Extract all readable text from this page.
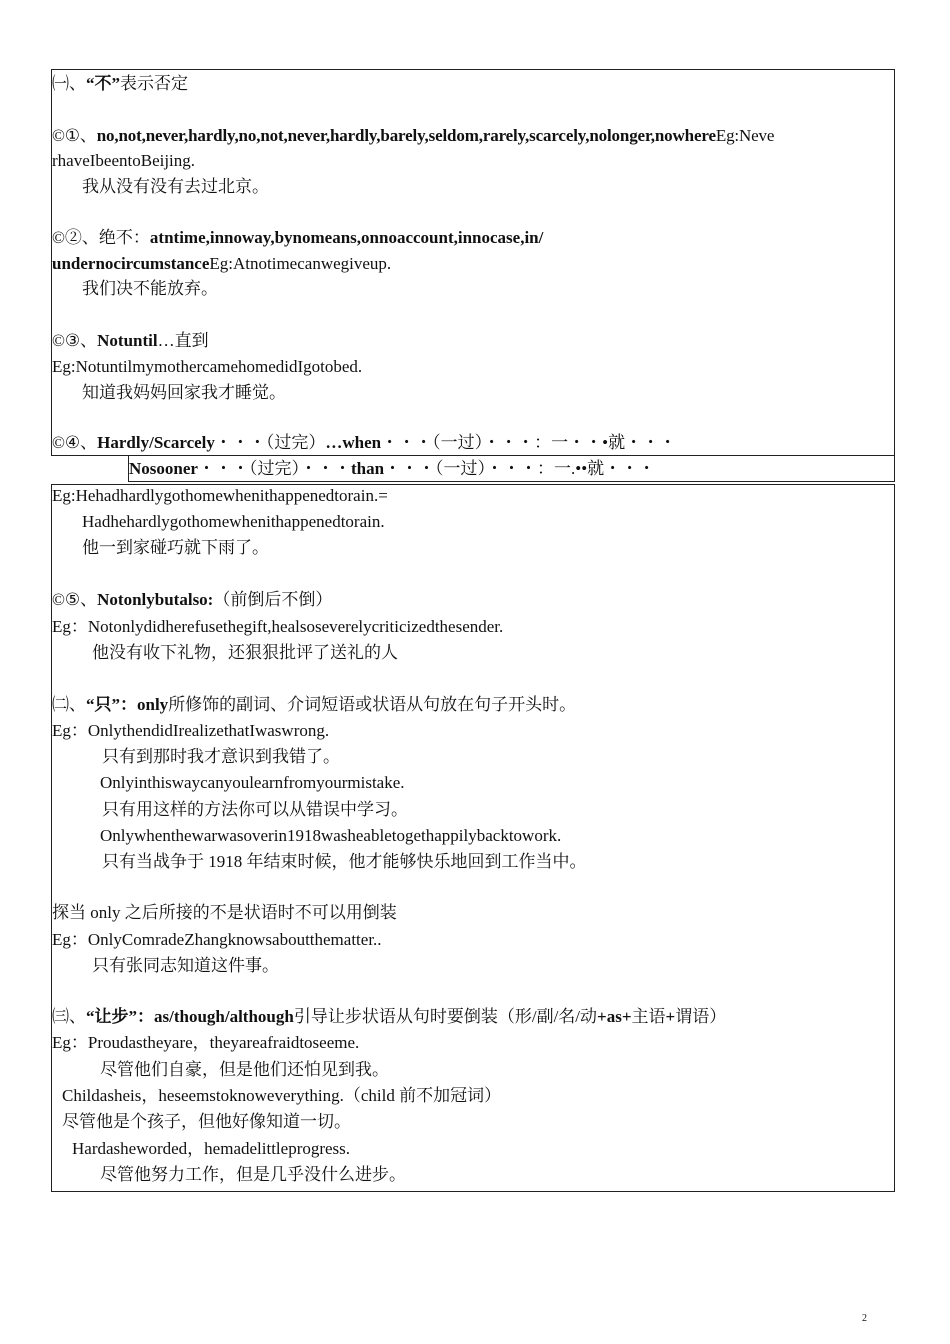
㈠、“不”表示否定
©①、no,not,never,hardly,no,not,never,hardly,barely,seldom,rarely,scarcely,nolonger,nowhereEg:Neve
rhaveIbeentoBeijing.
我从没有没有去过北京。
©②、绝不：atntime,innoway,bynomeans,onnoaccount,innocase,in/
undernocircumstanceEg:Atnotimecanwegiveup.
我们决不能放弃。
©③、Notuntil…直到
Eg:NotuntilmymothercamehomedidIgotobed.
知道我妈妈回家我才睡觉。
©④、Hardly/Scarcely・・・（过完）…when・・・（一过）・・・：一・・•就・・・
Nosooner・・・（过完）・・・than・・・（一过）・・・：一.••就・・・
Eg:Hehadhardlygothomewhenithappenedtorain.=
Hadhehardlygothomewhenithappenedtorain.
他一到家碰巧就下雨了。
©⑤、Notonlybutalso:（前倒后不倒）
Eg：Notonlydidherefusethegift,healsoseverelycriticizedthesender.
他没有收下礼物，还狠狠批评了送礼的人
㈡、“只”：only所修饰的副词、介词短语或状语从句放在句子开头时。
Eg：OnlythendidIrealizethatIwaswrong.
只有到那时我才意识到我错了。
Onlyinthisway​canyoulearnfromyourmistake.
只有用这样的方法你可以从错误中学习。
Onlywhenthewarwasoverin1918washeabletogethappilybacktowork.
只有当战争于 1918 年结束时候，他才能够快乐地回到工作当中。
探当 only 之后所接的不是状语时不可以用倒装
Eg：OnlyComradeZhangknowsaboutthematter..
只有张同志知道这件事。
㈢、“让步”：as/though/although引导让步状语从句时要倒装（形/副/名/动+as+主语+谓语）
Eg：Proudastheyare，theyareafraidtoseeme.
尽管他们自豪，但是他们还怕见到我。
Childasheis，heseemstoknoweverything.（child 前不加冠词）
尽管他是个孩子，但他好像知道一切。
Hardasheworded，hemadelittleprogress.
尽管他努力工作，但是几乎没什么进步。
2
